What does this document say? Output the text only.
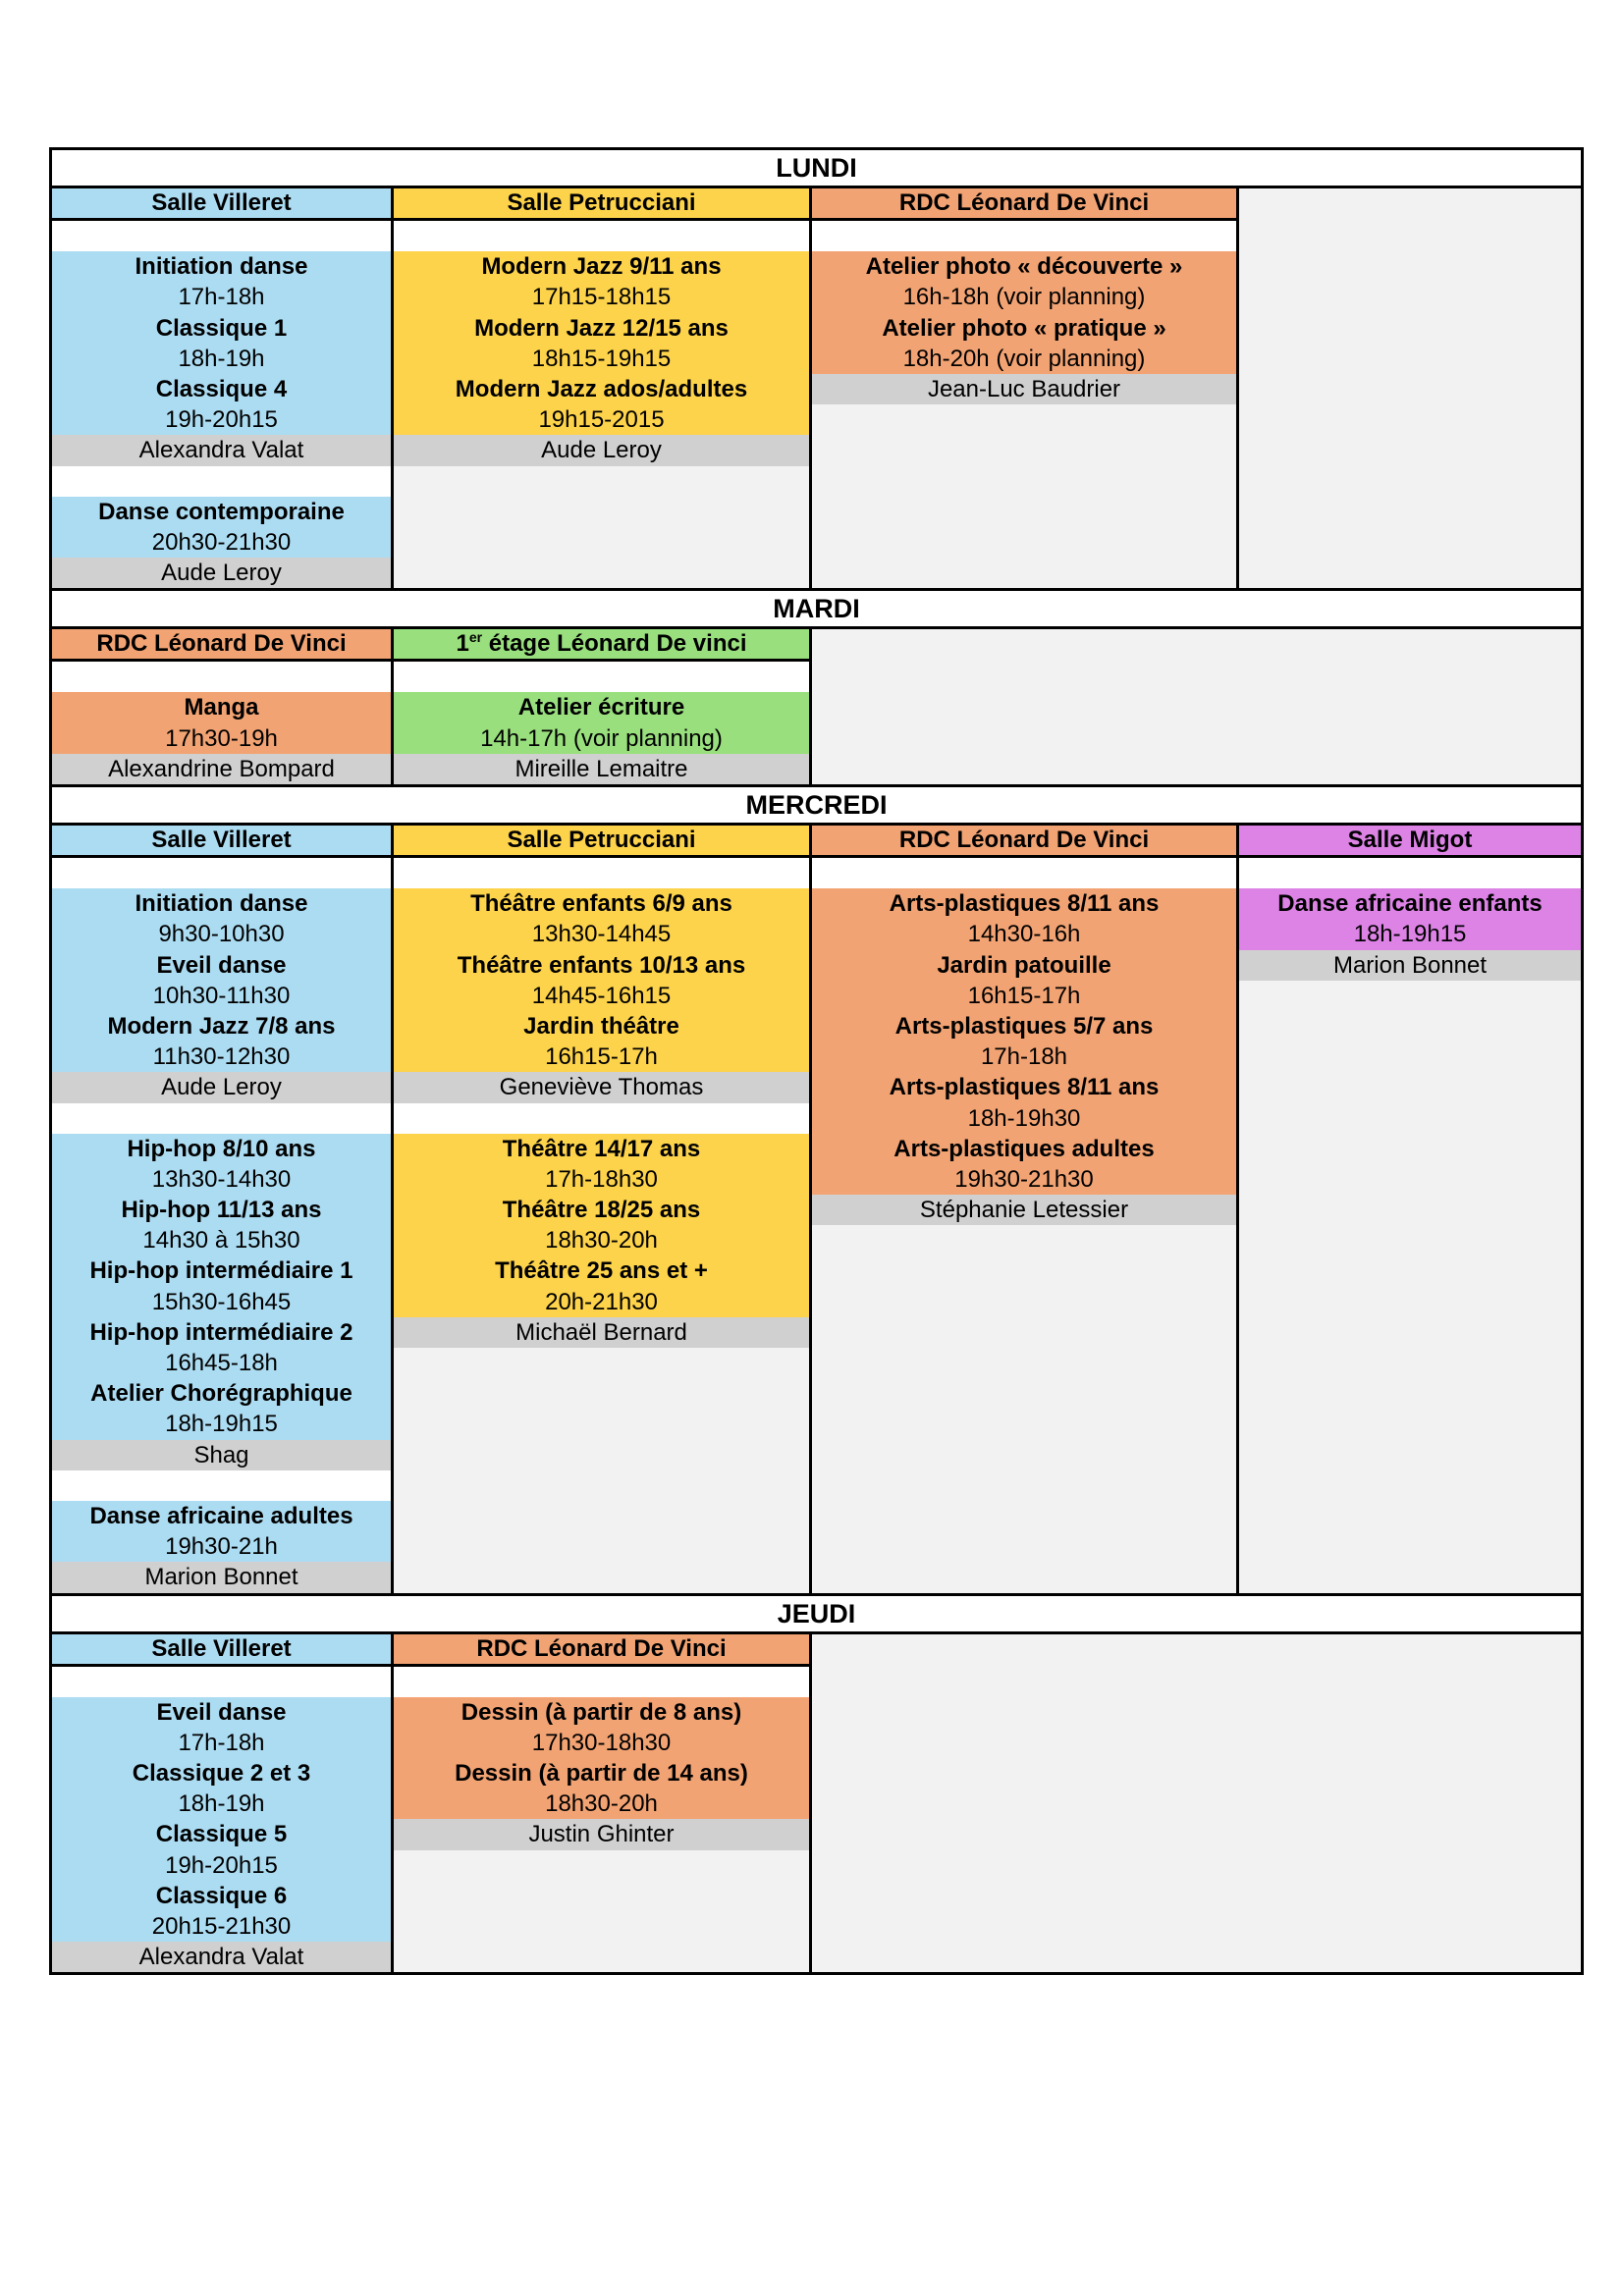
LUNDI
Salle Villeret
Initiation danse
17h-18h
Classique 1
18h-19h
Classique 4
19h-20h15
Alexandra Valat
Danse contemporaine
20h30-21h30
Aude Leroy
Salle Petrucciani
Modern Jazz 9/11 ans
17h15-18h15
Modern Jazz 12/15 ans
18h15-19h15
Modern Jazz ados/adultes
19h15-2015
Aude Leroy
RDC Léonard De Vinci
Atelier photo « découverte »
16h-18h (voir planning)
Atelier photo « pratique »
18h-20h (voir planning)
Jean-Luc Baudrier
MARDI
RDC Léonard De Vinci
Manga
17h30-19h
Alexandrine Bompard
1er étage Léonard De vinci
Atelier écriture
14h-17h (voir planning)
Mireille Lemaitre
MERCREDI
Salle Villeret
Initiation danse
9h30-10h30
Eveil danse
10h30-11h30
Modern Jazz 7/8 ans
11h30-12h30
Aude Leroy
Hip-hop 8/10 ans
13h30-14h30
Hip-hop 11/13 ans
14h30 à 15h30
Hip-hop intermédiaire 1
15h30-16h45
Hip-hop intermédiaire 2
16h45-18h
Atelier Chorégraphique
18h-19h15
Shag
Danse africaine adultes
19h30-21h
Marion Bonnet
Salle Petrucciani
Théâtre enfants 6/9 ans
13h30-14h45
Théâtre enfants 10/13 ans
14h45-16h15
Jardin théâtre
16h15-17h
Geneviève Thomas
Théâtre 14/17 ans
17h-18h30
Théâtre 18/25 ans
18h30-20h
Théâtre 25 ans et +
20h-21h30
Michaël Bernard
RDC Léonard De Vinci
Arts-plastiques 8/11 ans
14h30-16h
Jardin patouille
16h15-17h
Arts-plastiques 5/7 ans
17h-18h
Arts-plastiques 8/11 ans
18h-19h30
Arts-plastiques adultes
19h30-21h30
Stéphanie Letessier
Salle Migot
Danse africaine enfants
18h-19h15
Marion Bonnet
JEUDI
Salle Villeret
Eveil danse
17h-18h
Classique 2 et 3
18h-19h
Classique 5
19h-20h15
Classique 6
20h15-21h30
Alexandra Valat
RDC Léonard De Vinci
Dessin (à partir de 8 ans)
17h30-18h30
Dessin (à partir de 14 ans)
18h30-20h
Justin Ghinter
